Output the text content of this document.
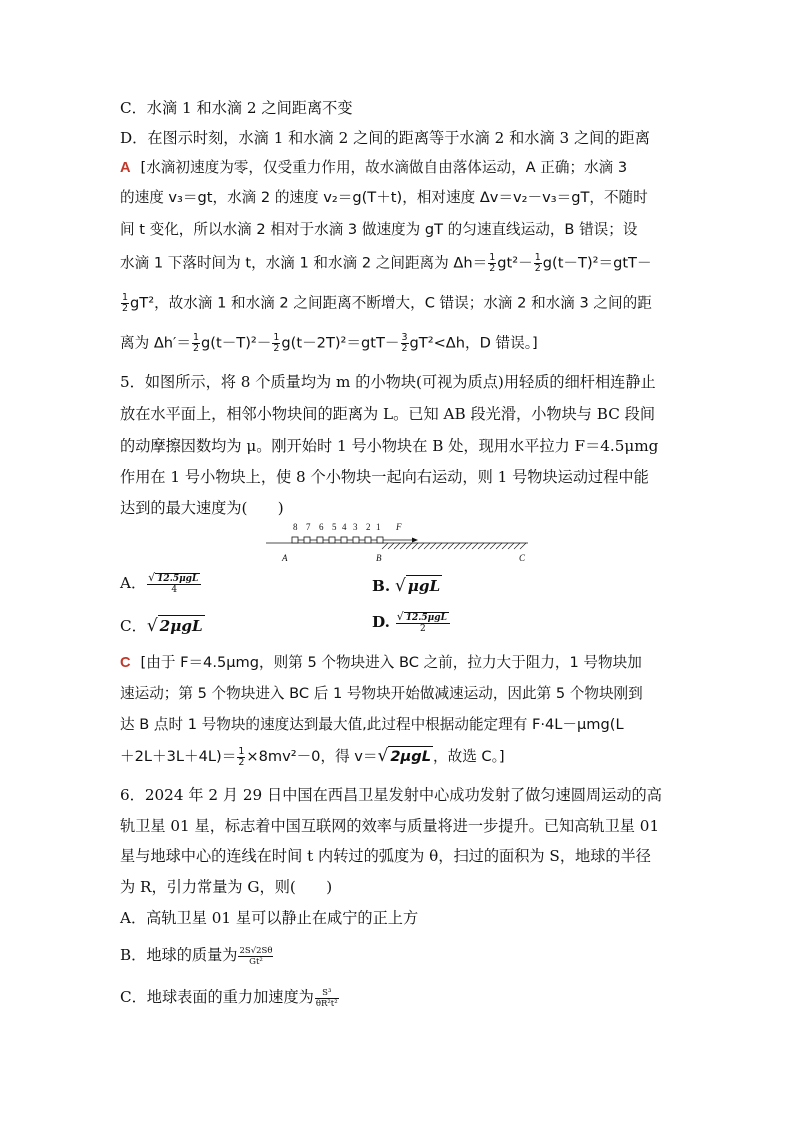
C．水滴 1 和水滴 2 之间距离不变
D．在图示时刻，水滴 1 和水滴 2 之间的距离等于水滴 2 和水滴 3 之间的距离
A [水滴初速度为零，仅受重力作用，故水滴做自由落体运动，A 正确；水滴 3
的速度 v₃＝gt，水滴 2 的速度 v₂＝g(T＋t)，相对速度 Δv＝v₂－v₃＝gT，不随时
间 t 变化，所以水滴 2 相对于水滴 3 做速度为 gT 的匀速直线运动，B 错误；设
水滴 1 下落时间为 t，水滴 1 和水滴 2 之间距离为 $\Delta h= \frac{1}{2} gt^2- \frac{1}{2} g(t-T)^2=gtT-$
$\frac{1}{2} gT^2$，故水滴 1 和水滴 2 之间距离不断增大，C 错误；水滴 2 和水滴 3 之间的距
离为 $\Delta h'= \frac{1}{2} g(t-T)^2- \frac{1}{2} g(t-2T)^2=gtT- \frac{3}{2} gT^2<\Delta h$，D 错误。]
5．如图所示，将 8 个质量均为 m 的小物块(可视为质点)用轻质的细杆相连静止
放在水平面上，相邻小物块间的距离为 L。已知 AB 段光滑，小物块与 BC 段间
的动摩擦因数均为 μ。刚开始时 1 号小物块在 B 处，现用水平拉力 F＝4.5μmg
作用在 1 号小物块上，使 8 个小物块一起向右运动，则 1 号物块运动过程中能
达到的最大速度为(　　)
8 7 6 5 4 3 2 1 F
A	B	C
A． $\frac{\text{√ 12.5μgL}}{4}$	B. √ μgL
C．√ 2μgL	D. $\frac{\text{√ 12.5μgL}}{2}$
C [由于 F＝4.5μmg，则第 5 个物块进入 BC 之前，拉力大于阻力，1 号物块加
速运动；第 5 个物块进入 BC 后 1 号物块开始做减速运动，因此第 5 个物块刚到
达 B 点时 1 号物块的速度达到最大值,此过程中根据动能定理有 F·4L－μmg(L
$+2L+3L+4L)= \frac{1}{2} \times 8mv^2-0$，得 v＝√ 2μgL ，故选 C。]
6．2024 年 2 月 29 日中国在西昌卫星发射中心成功发射了做匀速圆周运动的高
轨卫星 01 星，标志着中国互联网的效率与质量将进一步提升。已知高轨卫星 01
星与地球中心的连线在时间 t 内转过的弧度为 θ，扫过的面积为 S，地球的半径
为 R，引力常量为 G，则(　　)
A．高轨卫星 01 星可以静止在咸宁的正上方
B．地球的质量为 $\frac{2S√2S\theta}{\text{Gt²}}$
C．地球表面的重力加速度为 $\frac{\text{S³}}{\text{θR²t²}}$
